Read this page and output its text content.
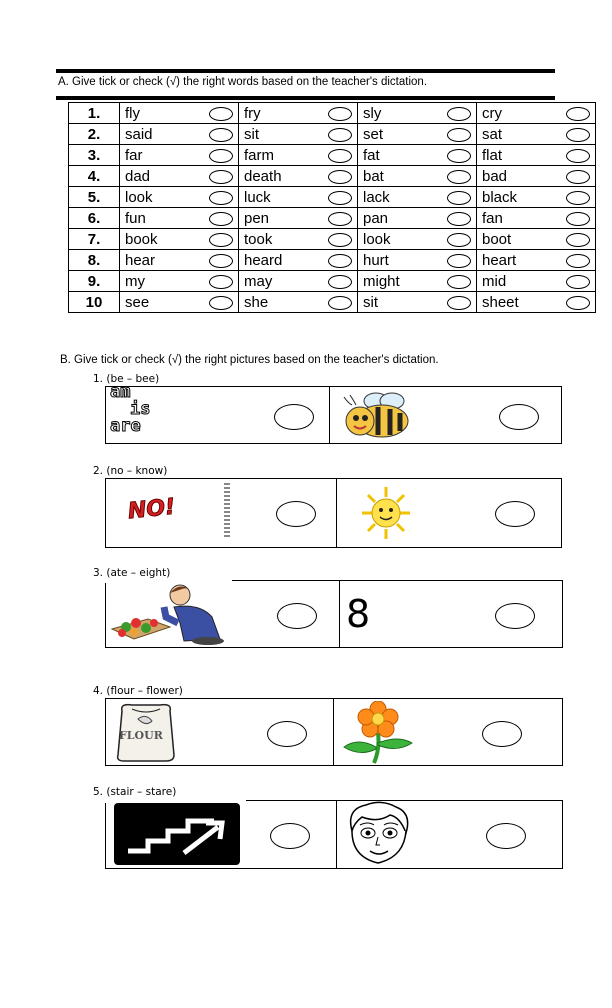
A. Give tick or check (√) the right words based on the teacher's dictation.
1.	fly	fry	sly	cry

2.	said	sit	set	sat

3.	far	farm	fat	flat

4.	dad	death	bat	bad

5.	look	luck	lack	black

6.	fun	pen	pan	fan

7.	book	took	look	boot

8.	hear	heard	hurt	heart

9.	my	may	might	mid

10	see	she	sit	sheet
B. Give tick or check (√) the right pictures based on the teacher's dictation.
1. (be – bee)
am
is
are
2. (no – know)
NO!
3. (ate – eight)
8
4. (flour – flower)
FLOUR
5. (stair – stare)
